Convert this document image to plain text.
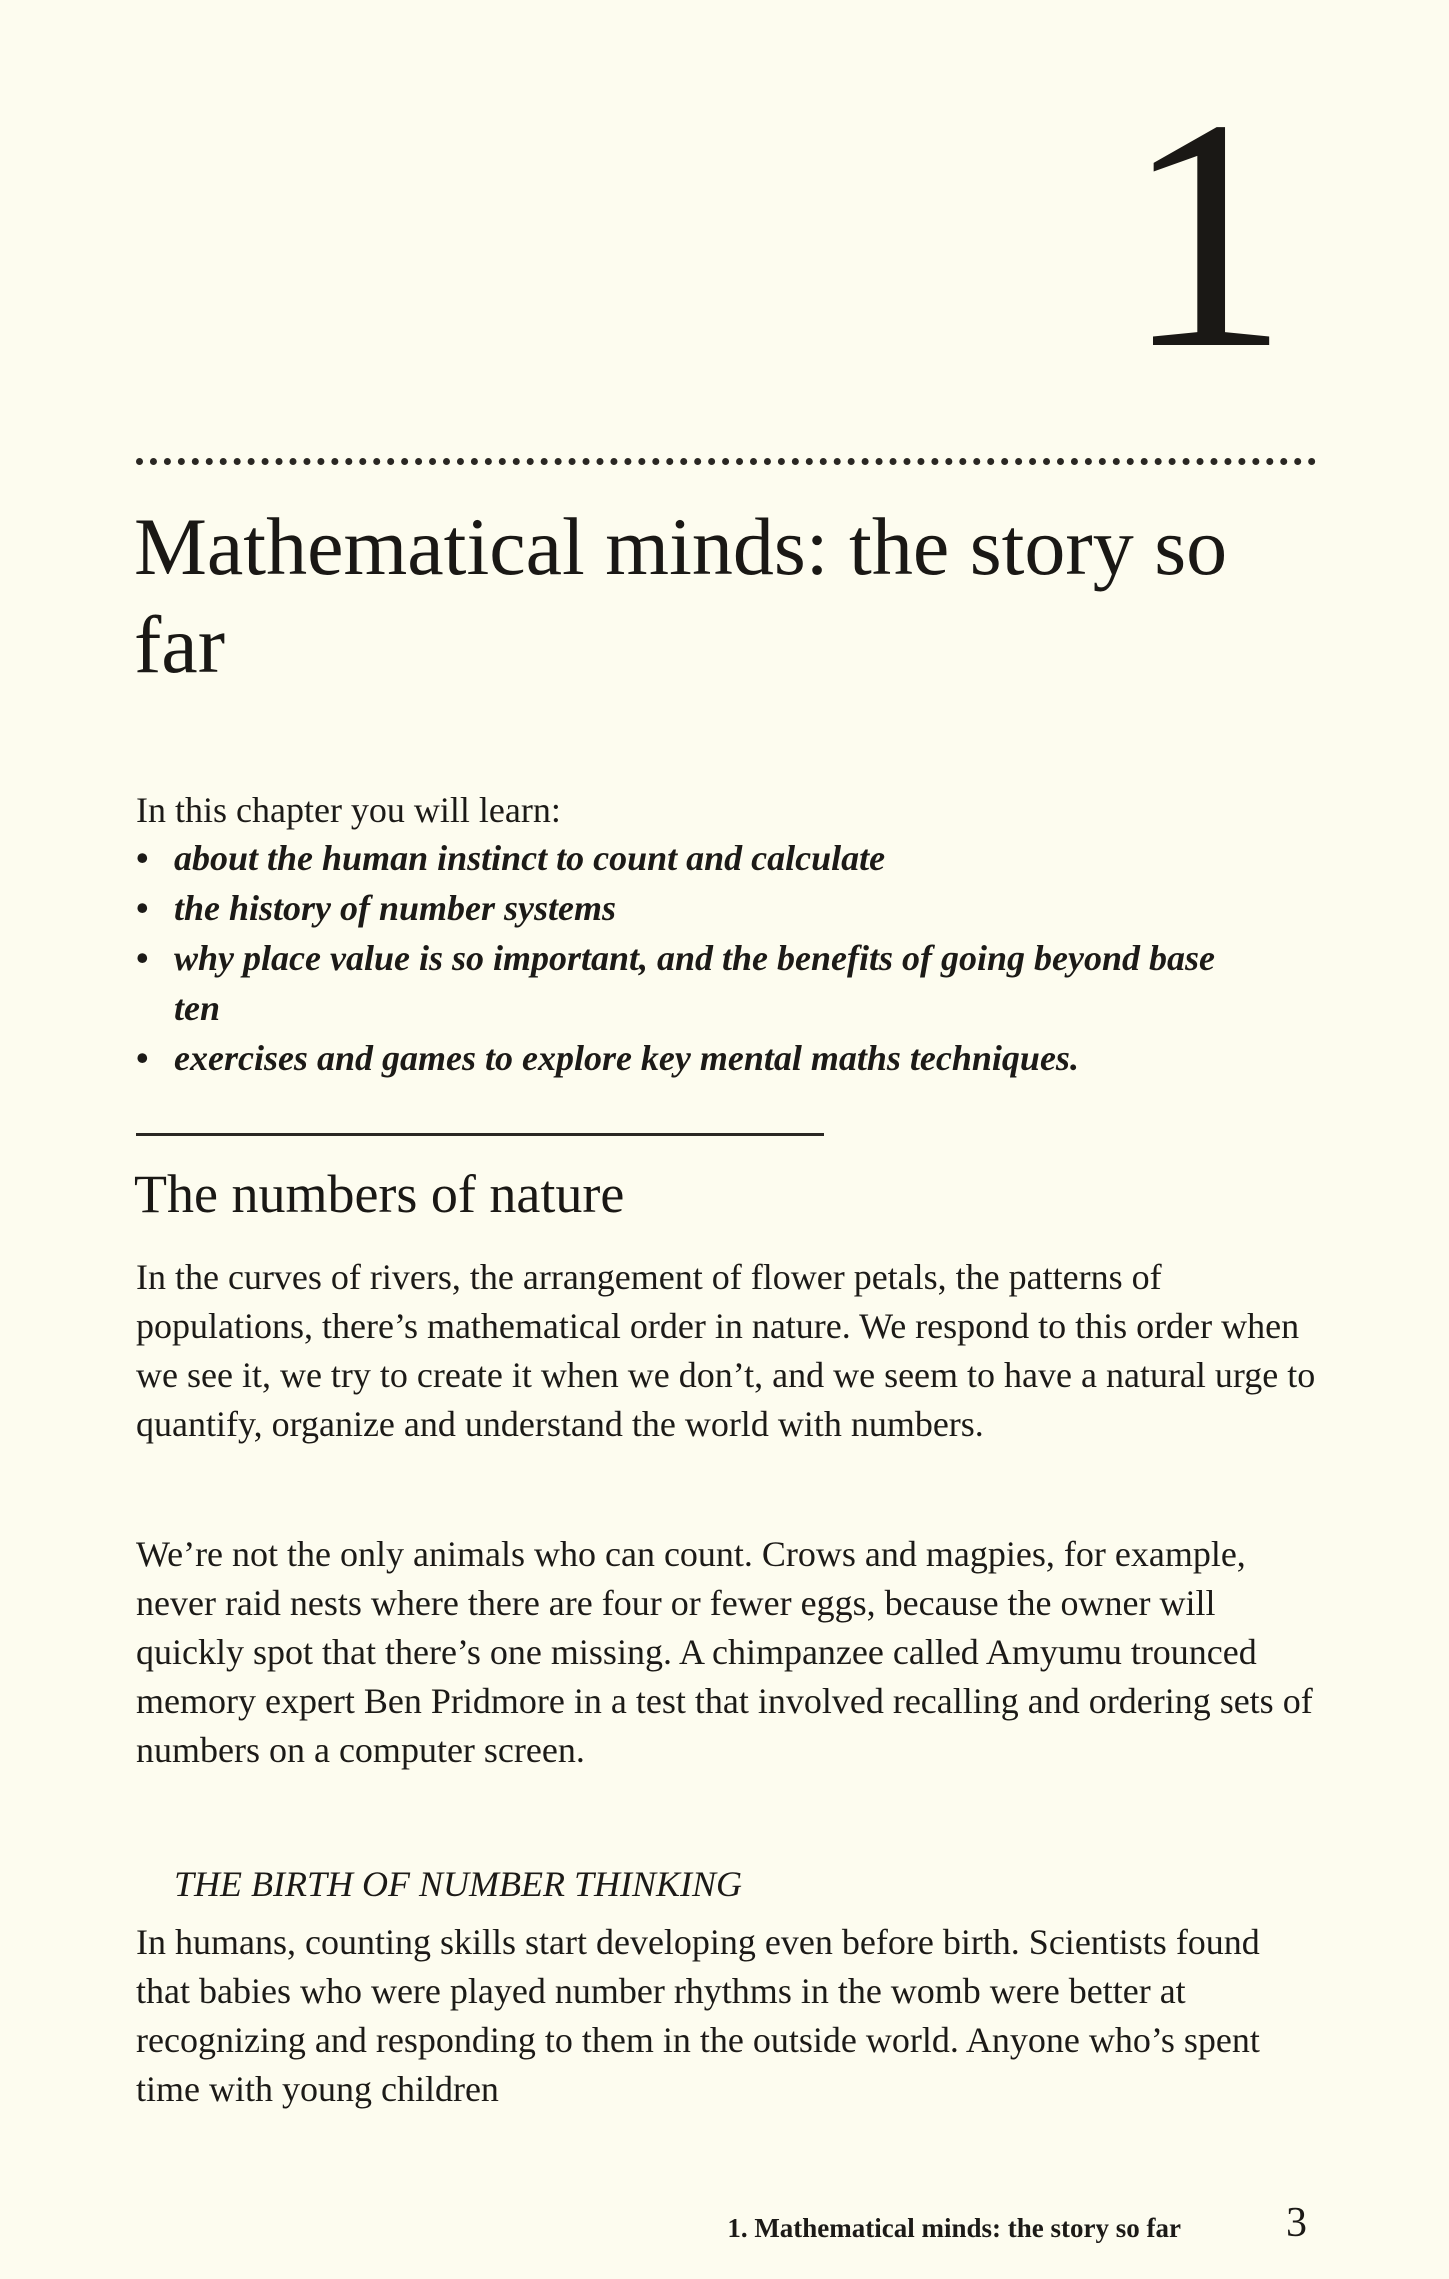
1
Mathematical minds: the story so far

In this chapter you will learn:

• about the human instinct to count and calculate
• the history of number systems
• why place value is so important, and the benefits of going beyond base ten
• exercises and games to explore key mental maths techniques.
The numbers of nature

In the curves of rivers, the arrangement of flower petals, the patterns of populations, there’s mathematical order in nature. We respond to this order when we see it, we try to create it when we don’t, and we seem to have a natural urge to quantify, organize and understand the world with numbers.

We’re not the only animals who can count. Crows and magpies, for example, never raid nests where there are four or fewer eggs, because the owner will quickly spot that there’s one missing. A chimpanzee called Amyumu trounced memory expert Ben Pridmore in a test that involved recalling and ordering sets of numbers on a computer screen.

THE BIRTH OF NUMBER THINKING

In humans, counting skills start developing even before birth. Scientists found that babies who were played number rhythms in the womb were better at recognizing and responding to them in the outside world. Anyone who’s spent time with young children

1. Mathematical minds: the story so far	3
